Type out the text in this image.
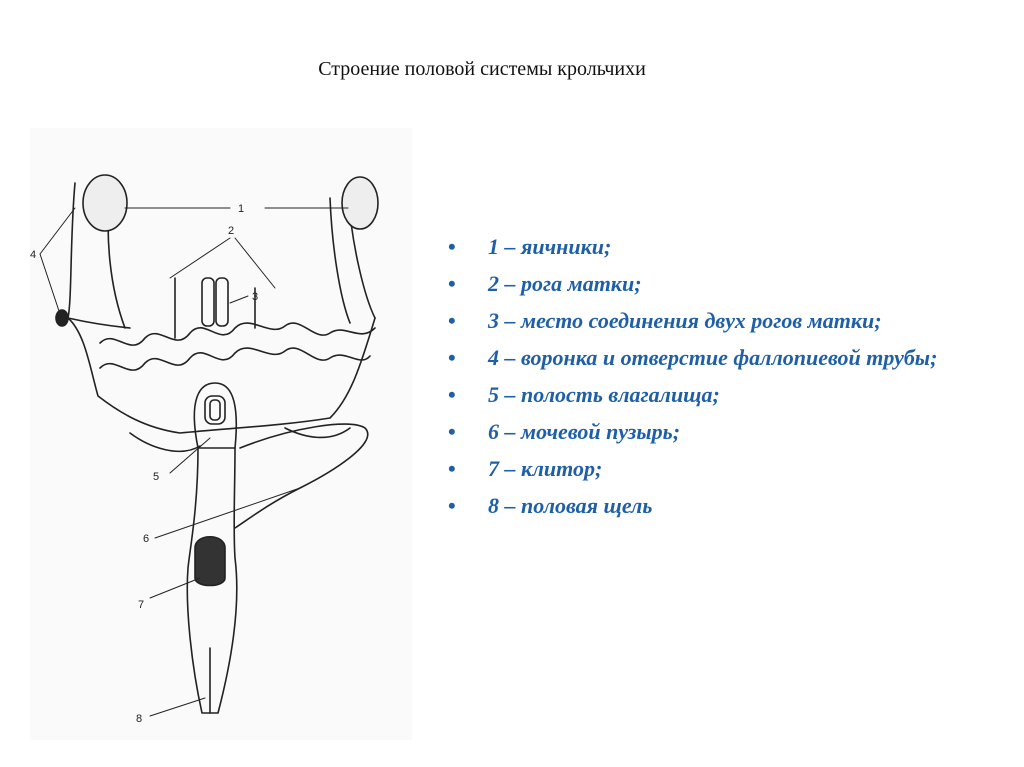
Строение половой системы крольчихи
1
2
3
4
5
6
7
8
• 1 – яичники;
• 2 – рога матки;
• 3 – место соединения двух рогов матки;
• 4 – воронка и отверстие фаллопиевой трубы;
• 5 – полость влагалища;
• 6 – мочевой пузырь;
• 7 – клитор;
• 8 – половая щель
